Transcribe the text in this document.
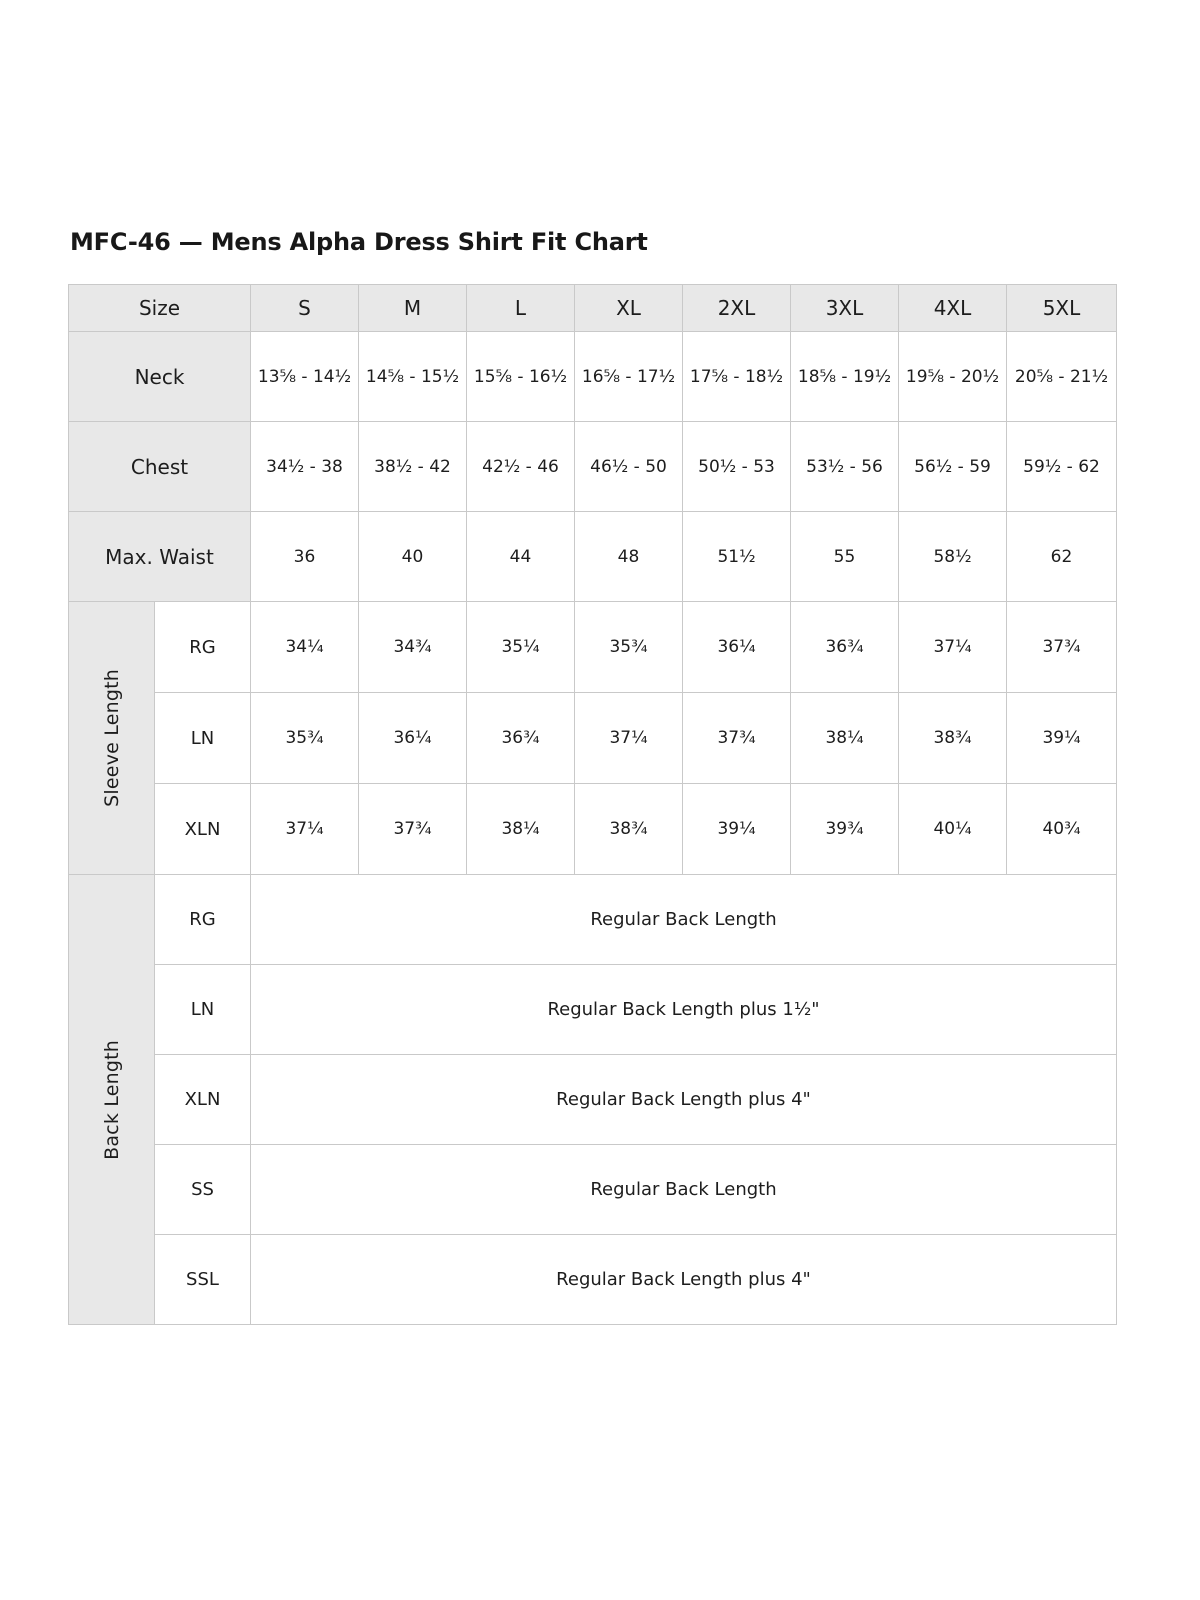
MFC-46 — Mens Alpha Dress Shirt Fit Chart
Size		S	M	L	XL	2XL	3XL	4XL	5XL
Neck		13⅝ - 14½	14⅝ - 15½	15⅝ - 16½	16⅝ - 17½	17⅝ - 18½	18⅝ - 19½	19⅝ - 20½	20⅝ - 21½
Chest		34½ - 38	38½ - 42	42½ - 46	46½ - 50	50½ - 53	53½ - 56	56½ - 59	59½ - 62
Max. Waist		36	40	44	48	51½	55	58½	62

Sleeve Length	RG	34¼	34¾	35¼	35¾	36¼	36¾	37¼	37¾
	LN	35¾	36¼	36¾	37¼	37¾	38¼	38¾	39¼
	XLN	37¼	37¾	38¼	38¾	39¼	39¾	40¼	40¾

Back Length	RG	Regular Back Length							
	LN	Regular Back Length plus 1½"							
	XLN	Regular Back Length plus 4"							
	SS	Regular Back Length							
	SSL	Regular Back Length plus 4"							
